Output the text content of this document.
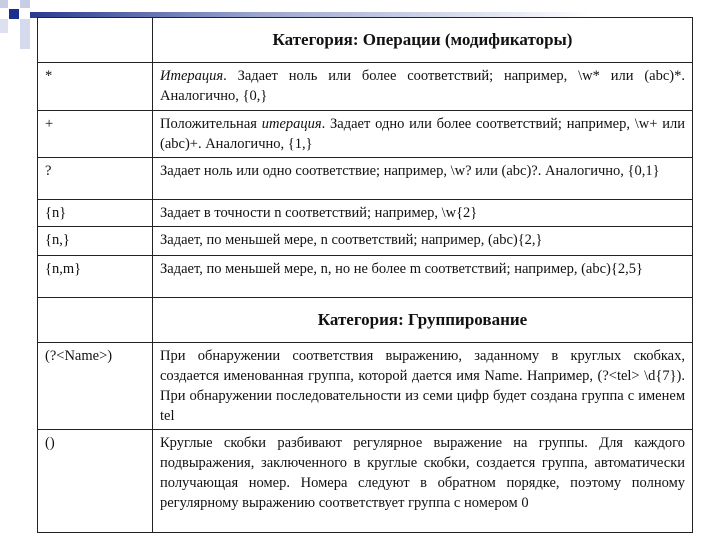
	Категория: Операции (модификаторы)
*	Итерация. Задает ноль или более соответствий; например, \w* или (abc)*. Аналогично, {0,}
+	Положительная итерация. Задает одно или более соответствий; например, \w+ или (abc)+. Аналогично, {1,}
?	Задает ноль или одно соответствие; например, \w? или (abc)?. Аналогично, {0,1}
{n}	Задает в точности n соответствий; например, \w{2}
{n,}	Задает, по меньшей мере, n соответствий; например, (abc){2,}
{n,m}	Задает, по меньшей мере, n, но не более m соответствий; например, (abc){2,5}
	Категория: Группирование
(?<Name>)	При обнаружении соответствия выражению, заданному в круглых скобках, создается именованная группа, которой дается имя Name. Например, (?<tel> \d{7}). При обнаружении последовательности из семи цифр будет создана группа с именем tel
()	Круглые скобки разбивают регулярное выражение на группы. Для каждого подвыражения, заключенного в круглые скобки, создается группа, автоматически получающая номер. Номера следуют в обратном порядке, поэтому полному регулярному выражению соответствует группа с номером 0
